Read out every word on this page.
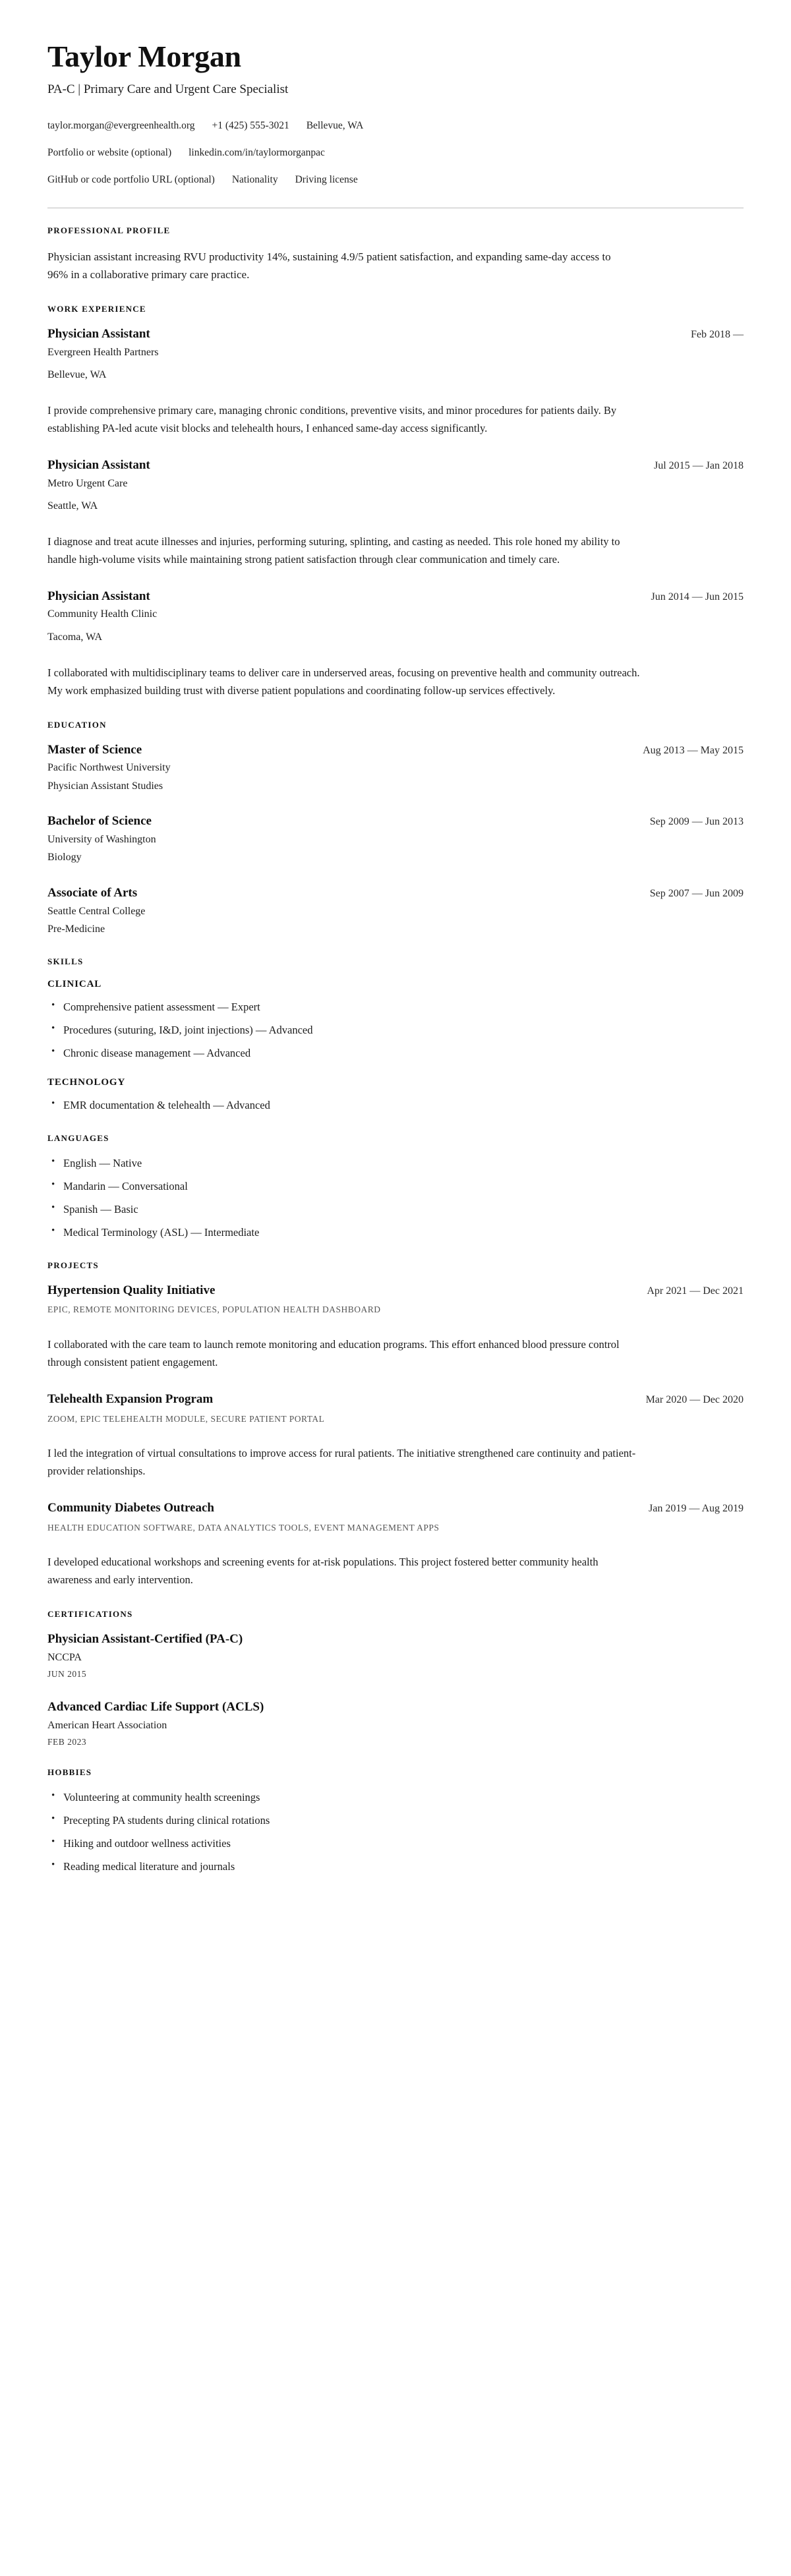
Taylor Morgan
PA-C | Primary Care and Urgent Care Specialist
taylor.morgan@evergreenhealth.org +1 (425) 555-3021 Bellevue, WA
Portfolio or website (optional) linkedin.com/in/taylormorganpac
GitHub or code portfolio URL (optional) Nationality Driving license
PROFESSIONAL PROFILE

Physician assistant increasing RVU productivity 14%, sustaining 4.9/5 patient satisfaction, and expanding same-day access to 96% in a collaborative primary care practice.

WORK EXPERIENCE
Physician Assistant	Feb 2018 —
Evergreen Health Partners
Bellevue, WA
I provide comprehensive primary care, managing chronic conditions, preventive visits, and minor procedures for patients daily. By establishing PA-led acute visit blocks and telehealth hours, I enhanced same-day access significantly.
Physician Assistant	Jul 2015 — Jan 2018
Metro Urgent Care
Seattle, WA
I diagnose and treat acute illnesses and injuries, performing suturing, splinting, and casting as needed. This role honed my ability to handle high-volume visits while maintaining strong patient satisfaction through clear communication and timely care.
Physician Assistant	Jun 2014 — Jun 2015
Community Health Clinic
Tacoma, WA
I collaborated with multidisciplinary teams to deliver care in underserved areas, focusing on preventive health and community outreach. My work emphasized building trust with diverse patient populations and coordinating follow-up services effectively.
EDUCATION
Master of Science	Aug 2013 — May 2015
Pacific Northwest University
Physician Assistant Studies
Bachelor of Science	Sep 2009 — Jun 2013
University of Washington
Biology
Associate of Arts	Sep 2007 — Jun 2009
Seattle Central College
Pre-Medicine
SKILLS
CLINICAL
• Comprehensive patient assessment — Expert
• Procedures (suturing, I&D, joint injections) — Advanced
• Chronic disease management — Advanced
TECHNOLOGY
• EMR documentation & telehealth — Advanced
LANGUAGES
• English — Native
• Mandarin — Conversational
• Spanish — Basic
• Medical Terminology (ASL) — Intermediate
PROJECTS
Hypertension Quality Initiative	Apr 2021 — Dec 2021
EPIC, REMOTE MONITORING DEVICES, POPULATION HEALTH DASHBOARD
I collaborated with the care team to launch remote monitoring and education programs. This effort enhanced blood pressure control through consistent patient engagement.
Telehealth Expansion Program	Mar 2020 — Dec 2020
ZOOM, EPIC TELEHEALTH MODULE, SECURE PATIENT PORTAL
I led the integration of virtual consultations to improve access for rural patients. The initiative strengthened care continuity and patient-provider relationships.
Community Diabetes Outreach	Jan 2019 — Aug 2019
HEALTH EDUCATION SOFTWARE, DATA ANALYTICS TOOLS, EVENT MANAGEMENT APPS
I developed educational workshops and screening events for at-risk populations. This project fostered better community health awareness and early intervention.
CERTIFICATIONS
Physician Assistant-Certified (PA-C)
NCCPA
JUN 2015
Advanced Cardiac Life Support (ACLS)
American Heart Association
FEB 2023
HOBBIES
• Volunteering at community health screenings
• Precepting PA students during clinical rotations
• Hiking and outdoor wellness activities
• Reading medical literature and journals
